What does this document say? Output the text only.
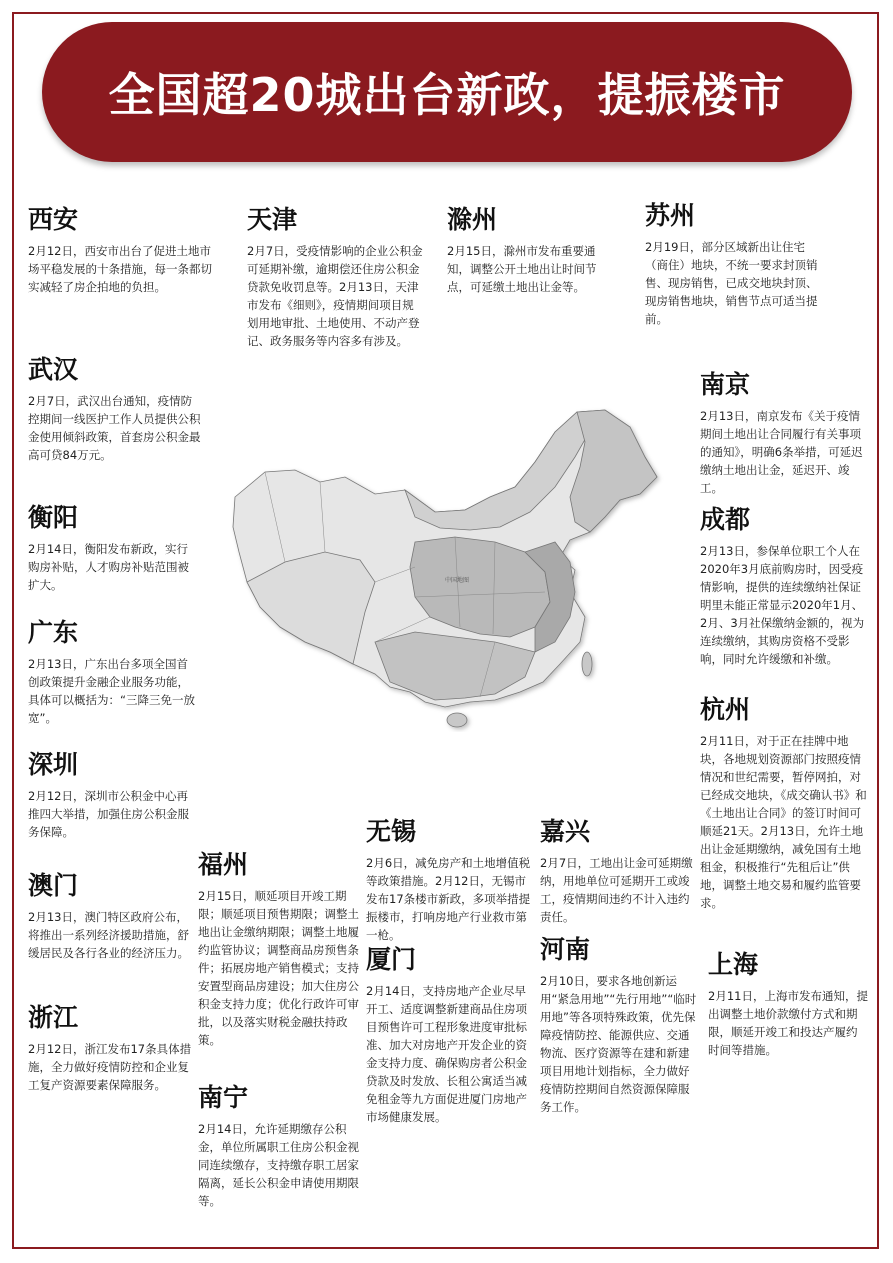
全国超20城出台新政，提振楼市
中国地图
西安

2月12日，西安市出台了促进土地市场平稳发展的十条措施，每一条都切实减轻了房企拍地的负担。

武汉

2月7日，武汉出台通知，疫情防控期间一线医护工作人员提供公积金使用倾斜政策，首套房公积金最高可贷84万元。

衡阳

2月14日，衡阳发布新政，实行购房补贴，人才购房补贴范围被扩大。

广东

2月13日，广东出台多项全国首创政策提升金融企业服务功能，具体可以概括为：“三降三免一放宽”。

深圳

2月12日，深圳市公积金中心再推四大举措，加强住房公积金服务保障。

澳门

2月13日，澳门特区政府公布，将推出一系列经济援助措施，舒缓居民及各行各业的经济压力。

浙江

2月12日，浙江发布17条具体措施，全力做好疫情防控和企业复工复产资源要素保障服务。

天津

2月7日，受疫情影响的企业公积金可延期补缴，逾期偿还住房公积金贷款免收罚息等。2月13日，天津市发布《细则》，疫情期间项目规划用地审批、土地使用、不动产登记、政务服务等内容多有涉及。

滁州

2月15日，滁州市发布重要通知，调整公开土地出让时间节点，可延缴土地出让金等。

苏州

2月19日，部分区域新出让住宅（商住）地块，不统一要求封顶销售、现房销售，已成交地块封顶、现房销售地块，销售节点可适当提前。

南京

2月13日，南京发布《关于疫情期间土地出让合同履行有关事项的通知》，明确6条举措，可延迟缴纳土地出让金，延迟开、竣工。

成都

2月13日，参保单位职工个人在2020年3月底前购房时，因受疫情影响，提供的连续缴纳社保证明里未能正常显示2020年1月、2月、3月社保缴纳金额的，视为连续缴纳，其购房资格不受影响，同时允许缓缴和补缴。

杭州

2月11日，对于正在挂牌中地块，各地规划资源部门按照疫情情况和世纪需要，暂停网拍，对已经成交地块，《成交确认书》和《土地出让合同》的签订时间可顺延21天。2月13日，允许土地出让金延期缴纳，减免国有土地租金，积极推行“先租后让”供地，调整土地交易和履约监管要求。

上海

2月11日，上海市发布通知，提出调整土地价款缴付方式和期限，顺延开竣工和投达产履约时间等措施。

福州

2月15日，顺延项目开竣工期限；顺延项目预售期限；调整土地出让金缴纳期限；调整土地履约监管协议；调整商品房预售条件；拓展房地产销售模式；支持安置型商品房建设；加大住房公积金支持力度；优化行政许可审批，以及落实财税金融扶持政策。

南宁

2月14日，允许延期缴存公积金，单位所属职工住房公积金视同连续缴存，支持缴存职工居家隔离，延长公积金申请使用期限等。

无锡

2月6日，减免房产和土地增值税等政策措施。2月12日，无锡市发布17条楼市新政，多项举措提振楼市，打响房地产行业救市第一枪。

厦门

2月14日，支持房地产企业尽早开工、适度调整新建商品住房项目预售许可工程形象进度审批标准、加大对房地产开发企业的资金支持力度、确保购房者公积金贷款及时发放、长租公寓适当减免租金等九方面促进厦门房地产市场健康发展。

嘉兴

2月7日，工地出让金可延期缴纳，用地单位可延期开工或竣工，疫情期间违约不计入违约责任。

河南

2月10日，要求各地创新运用“紧急用地”“先行用地”“临时用地”等各项特殊政策，优先保障疫情防控、能源供应、交通物流、医疗资源等在建和新建项目用地计划指标，全力做好疫情防控期间自然资源保障服务工作。
